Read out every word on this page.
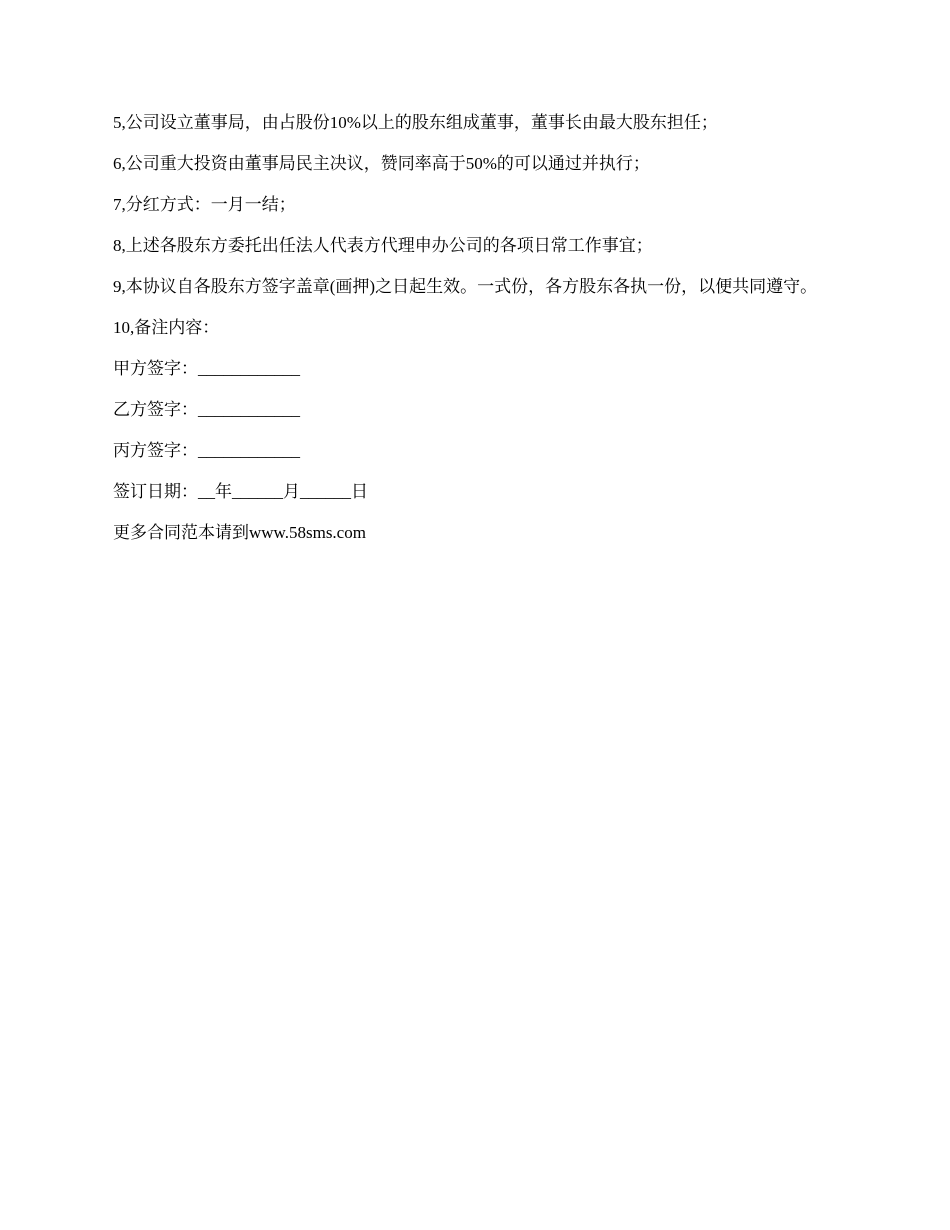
5,公司设立董事局，由占股份10%以上的股东组成董事，董事长由最大股东担任；

6,公司重大投资由董事局民主决议，赞同率高于50%的可以通过并执行；

7,分红方式：一月一结；

8,上述各股东方委托出任法人代表方代理申办公司的各项日常工作事宜；

9,本协议自各股东方签字盖章(画押)之日起生效。一式份，各方股东各执一份，以便共同遵守。

10,备注内容：

甲方签字：____________

乙方签字：____________

丙方签字：____________

签订日期：__年______月______日

更多合同范本请到www.58sms.com
